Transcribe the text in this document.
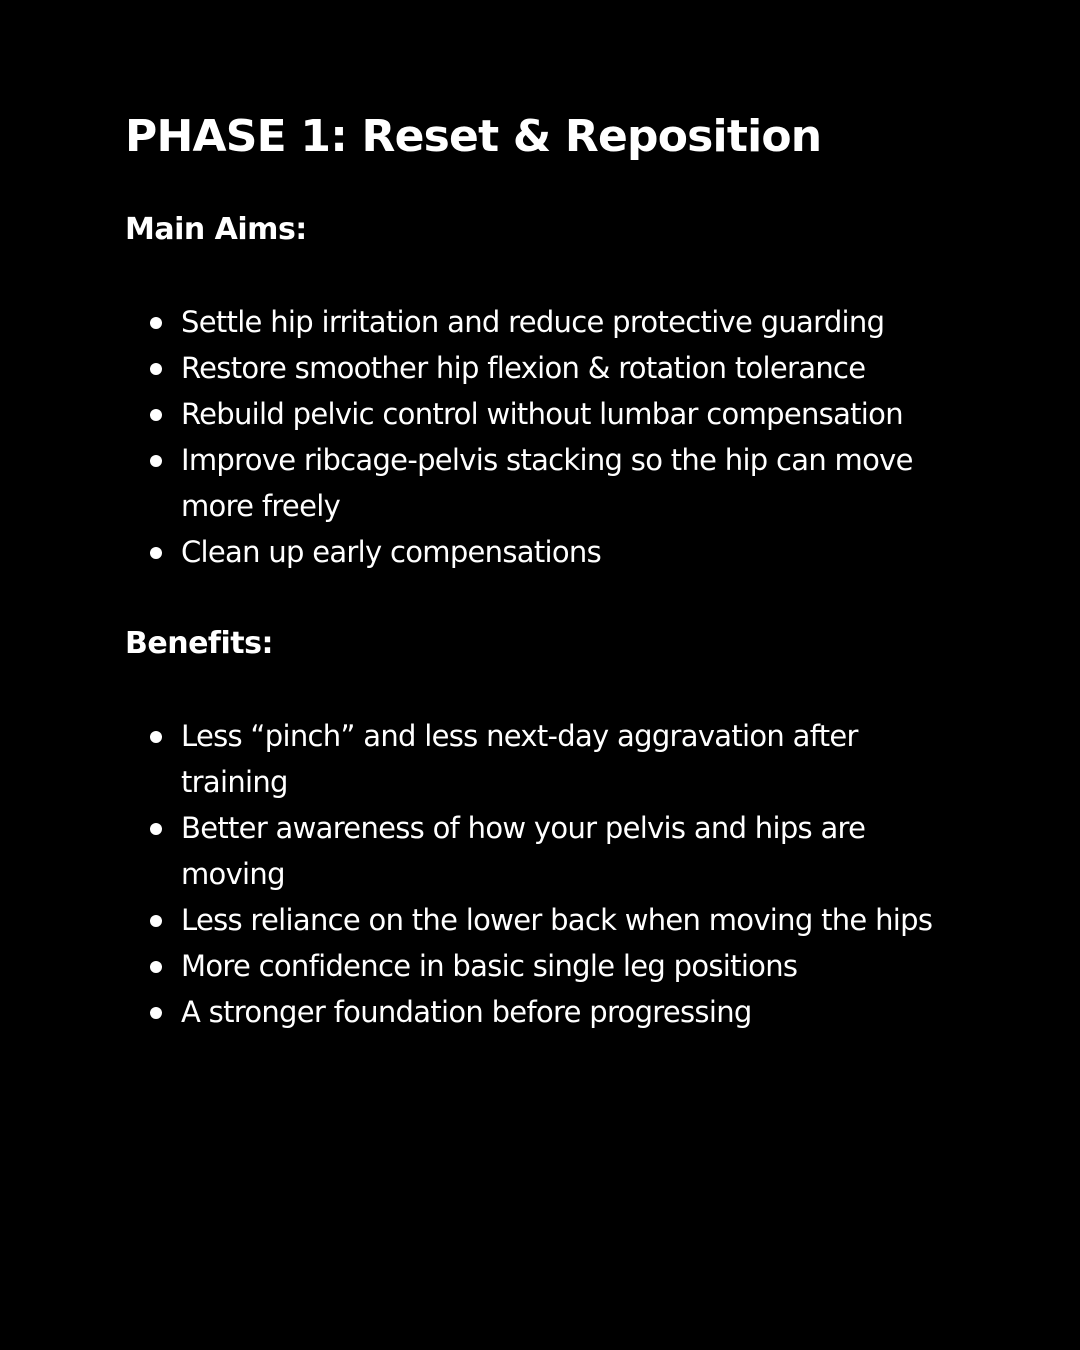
PHASE 1: Reset & Reposition
Main Aims:
Settle hip irritation and reduce protective guarding
Restore smoother hip flexion & rotation tolerance
Rebuild pelvic control without lumbar compensation
Improve ribcage-pelvis stacking so the hip can move more freely
Clean up early compensations
Benefits:
Less “pinch” and less next-day aggravation after training
Better awareness of how your pelvis and hips are moving
Less reliance on the lower back when moving the hips
More confidence in basic single leg positions
A stronger foundation before progressing
